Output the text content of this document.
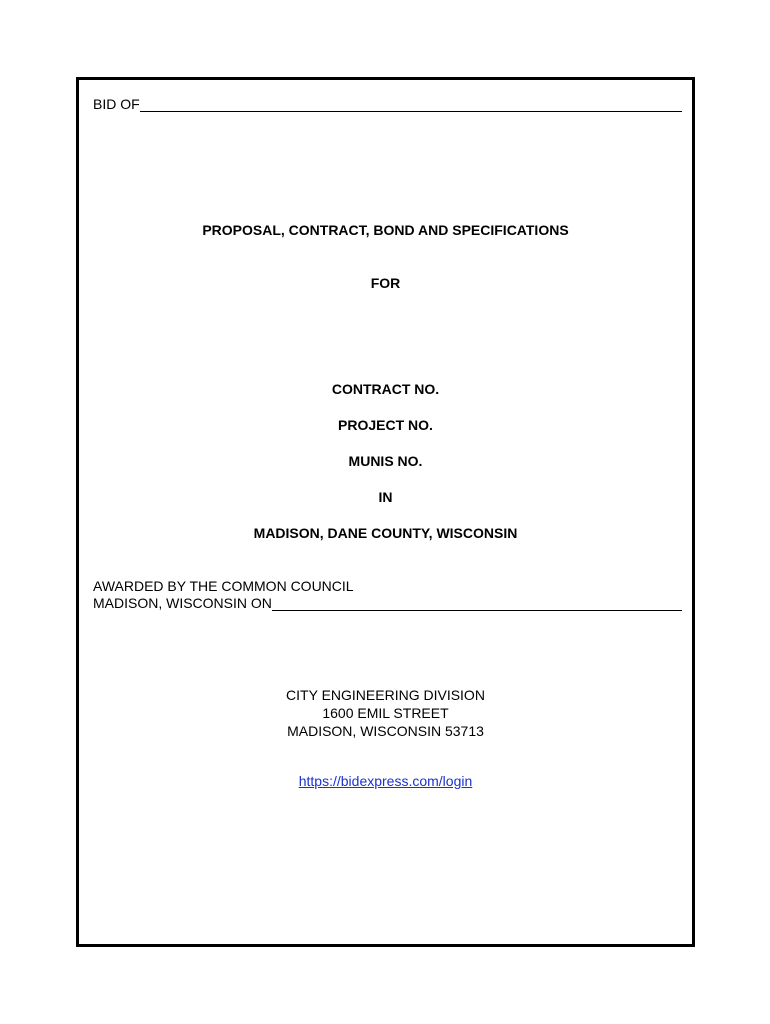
BID OF
PROPOSAL, CONTRACT, BOND AND SPECIFICATIONS
FOR
CONTRACT NO.
PROJECT NO.
MUNIS NO.
IN
MADISON, DANE COUNTY, WISCONSIN
AWARDED BY THE COMMON COUNCIL
MADISON, WISCONSIN ON
CITY ENGINEERING DIVISION
1600 EMIL STREET
MADISON, WISCONSIN 53713
https://bidexpress.com/login
